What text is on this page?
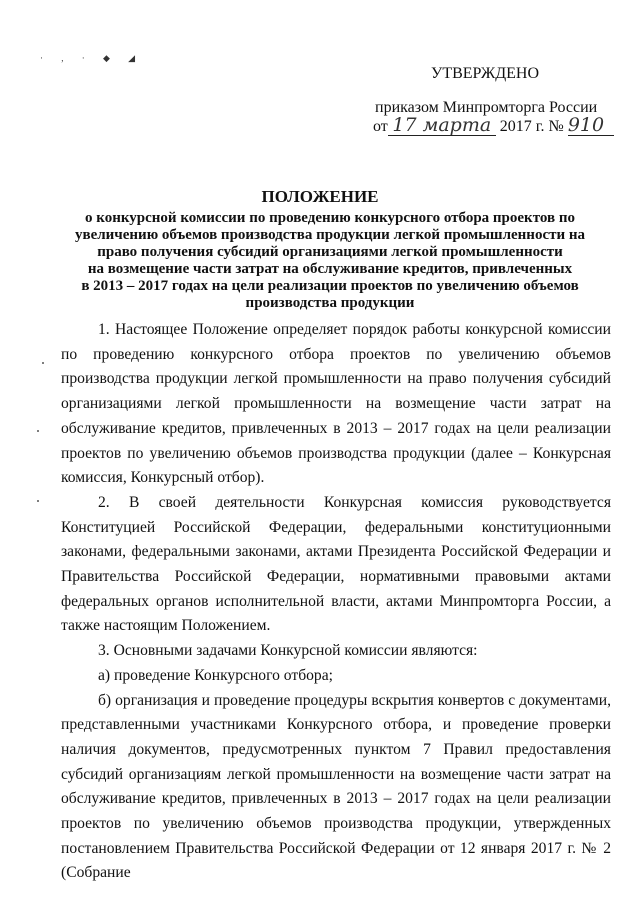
· , · ◆ ◢
УТВЕРЖДЕНО
приказом Минпромторга России
от 17 марта 2017 г. № 910
ПОЛОЖЕНИЕ
о конкурсной комиссии по проведению конкурсного отбора проектов по
увеличению объемов производства продукции легкой промышленности на
право получения субсидий организациями легкой промышленности
на возмещение части затрат на обслуживание кредитов, привлеченных
в 2013 – 2017 годах на цели реализации проектов по увеличению объемов
производства продукции

1. Настоящее Положение определяет порядок работы конкурсной комиссии по проведению конкурсного отбора проектов по увеличению объемов производства продукции легкой промышленности на право получения субсидий организациями легкой промышленности на возмещение части затрат на обслуживание кредитов, привлеченных в 2013 – 2017 годах на цели реализации проектов по увеличению объемов производства продукции (далее – Конкурсная комиссия, Конкурсный отбор).

2. В своей деятельности Конкурсная комиссия руководствуется Конституцией Российской Федерации, федеральными конституционными законами, федеральными законами, актами Президента Российской Федерации и Правительства Российской Федерации, нормативными правовыми актами федеральных органов исполнительной власти, актами Минпромторга России, а также настоящим Положением.

3. Основными задачами Конкурсной комиссии являются:

а) проведение Конкурсного отбора;

б) организация и проведение процедуры вскрытия конвертов с документами, представленными участниками Конкурсного отбора, и проведение проверки наличия документов, предусмотренных пунктом 7 Правил предоставления субсидий организациям легкой промышленности на возмещение части затрат на обслуживание кредитов, привлеченных в 2013 – 2017 годах на цели реализации проектов по увеличению объемов производства продукции, утвержденных постановлением Правительства Российской Федерации от 12 января 2017 г. № 2 (Собрание
